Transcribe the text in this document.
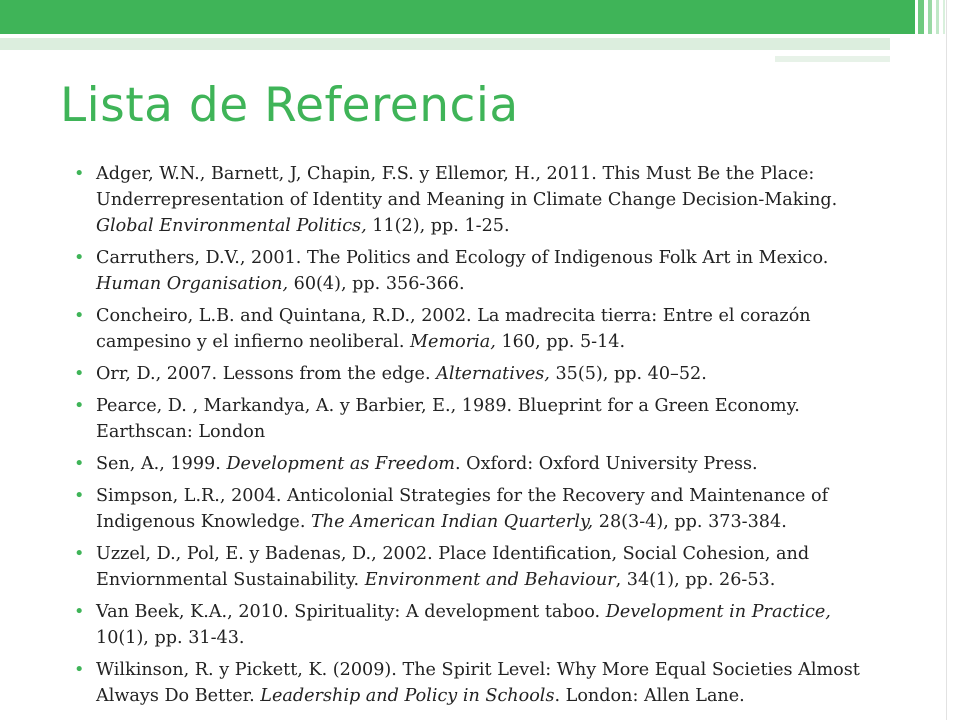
Lista de Referencia
• Adger, W.N., Barnett, J, Chapin, F.S. y Ellemor, H., 2011. This Must Be the Place: Underrepresentation of Identity and Meaning in Climate Change Decision-Making. Global Environmental Politics, 11(2), pp. 1-25.
• Carruthers, D.V., 2001. The Politics and Ecology of Indigenous Folk Art in Mexico. Human Organisation, 60(4), pp. 356-366.
• Concheiro, L.B. and Quintana, R.D., 2002. La madrecita tierra: Entre el corazón campesino y el infierno neoliberal. Memoria, 160, pp. 5-14.
• Orr, D., 2007. Lessons from the edge. Alternatives, 35(5), pp. 40–52.
• Pearce, D. , Markandya, A. y Barbier, E., 1989. Blueprint for a Green Economy. Earthscan: London
• Sen, A., 1999. Development as Freedom. Oxford: Oxford University Press.
• Simpson, L.R., 2004. Anticolonial Strategies for the Recovery and Maintenance of Indigenous Knowledge. The American Indian Quarterly, 28(3-4), pp. 373-384.
• Uzzel, D., Pol, E. y Badenas, D., 2002. Place Identification, Social Cohesion, and Enviornmental Sustainability. Environment and Behaviour, 34(1), pp. 26-53.
• Van Beek, K.A., 2010. Spirituality: A development taboo. Development in Practice, 10(1), pp. 31-43.
• Wilkinson, R. y Pickett, K. (2009). The Spirit Level: Why More Equal Societies Almost Always Do Better. Leadership and Policy in Schools. London: Allen Lane.
